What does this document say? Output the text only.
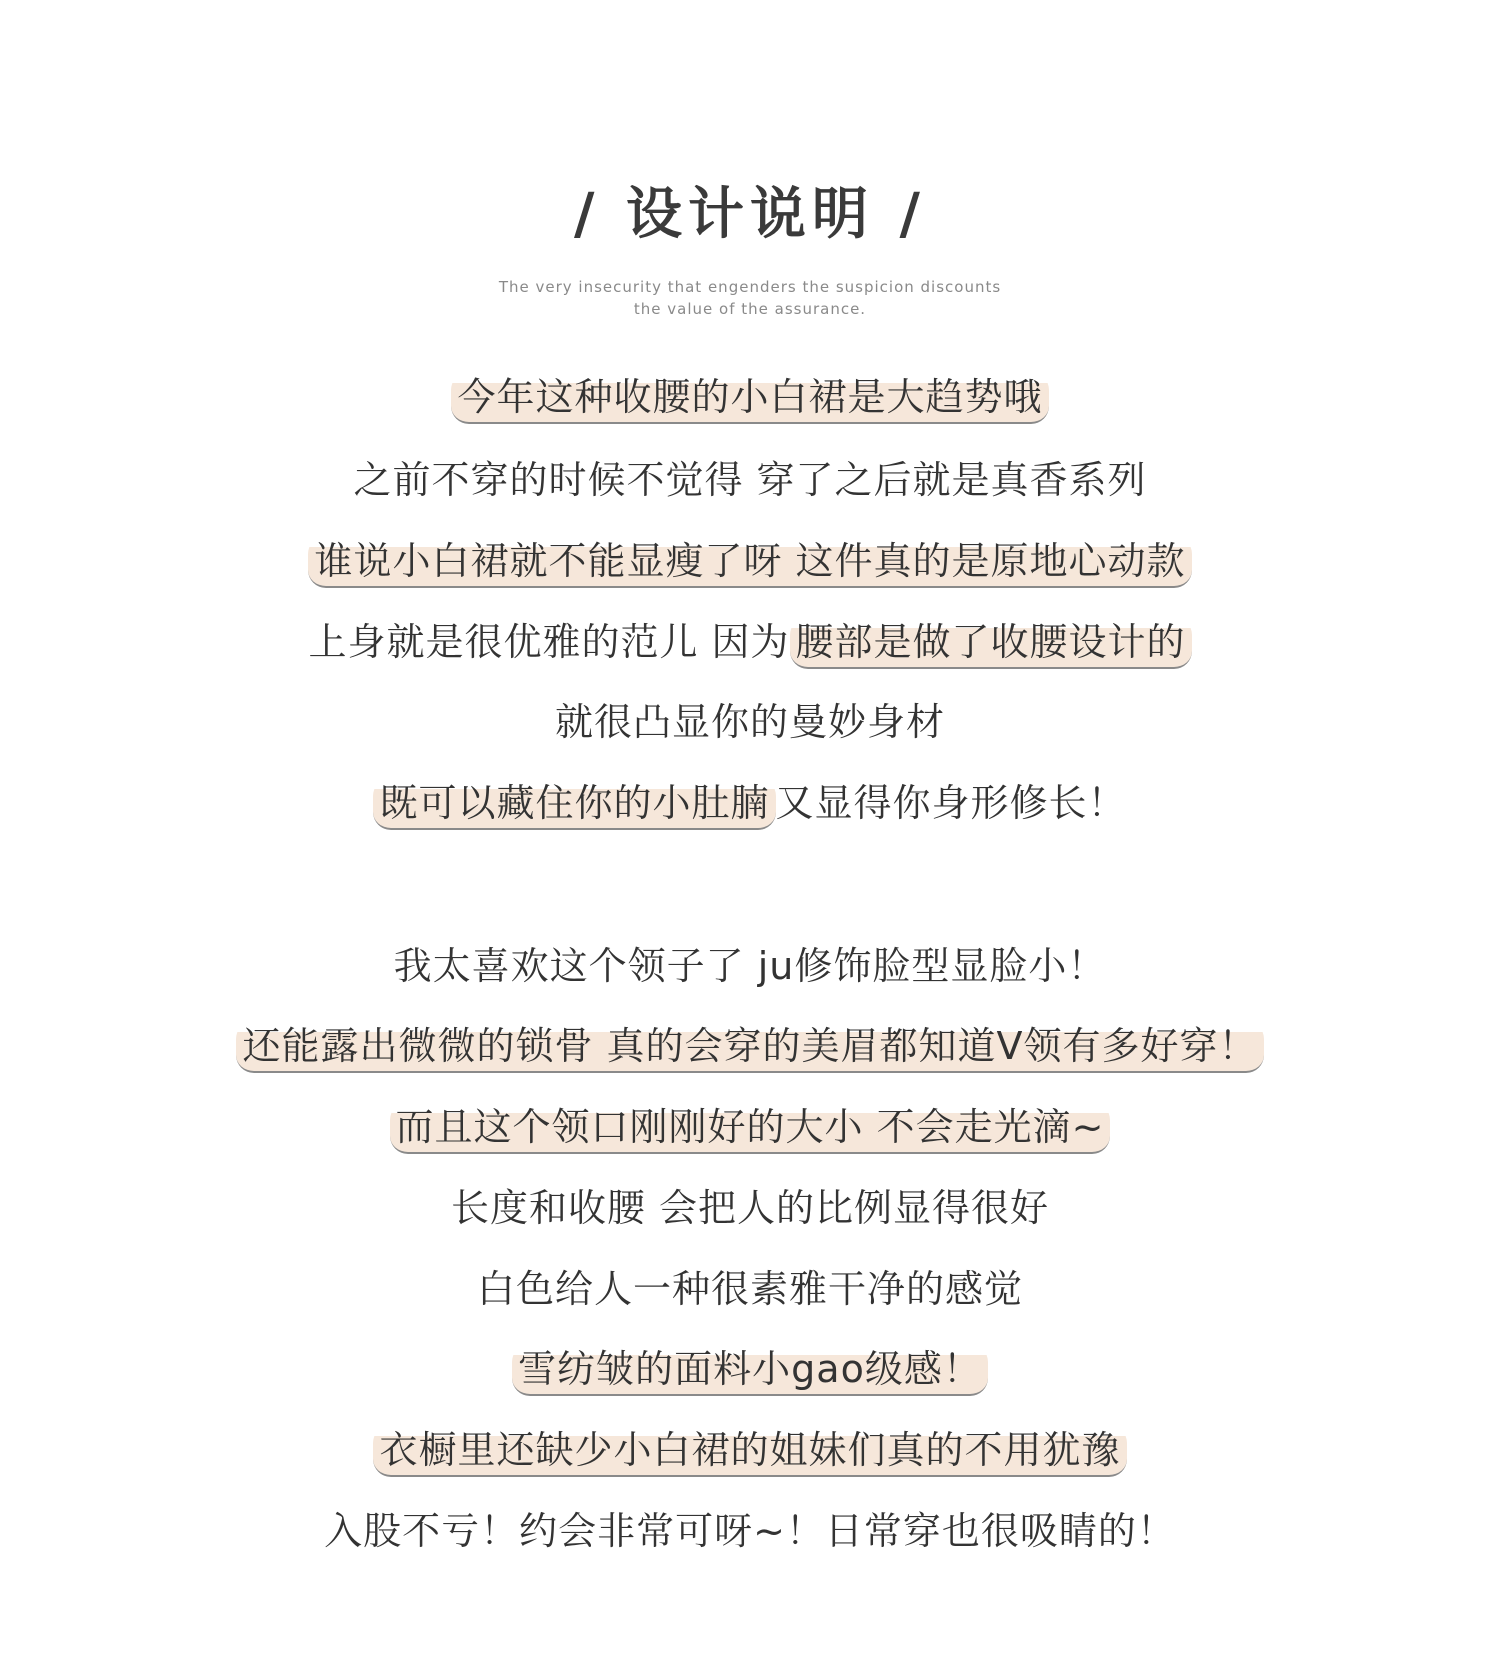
/ 设计说明 /
The very insecurity that engenders the suspicion discounts
the value of the assurance.
今年这种收腰的小白裙是大趋势哦
之前不穿的时候不觉得 穿了之后就是真香系列
谁说小白裙就不能显瘦了呀 这件真的是原地心动款
上身就是很优雅的范儿 因为 腰部是做了收腰设计的
就很凸显你的曼妙身材
既可以藏住你的小肚腩又显得你身形修长！
我太喜欢这个领子了 ju修饰脸型显脸小！
还能露出微微的锁骨 真的会穿的美眉都知道V领有多好穿！
而且这个领口刚刚好的大小 不会走光滴~
长度和收腰 会把人的比例显得很好
白色给人一种很素雅干净的感觉
雪纺皱的面料小gao级感！
衣橱里还缺少小白裙的姐妹们真的不用犹豫
入股不亏！约会非常可呀~！日常穿也很吸睛的！
